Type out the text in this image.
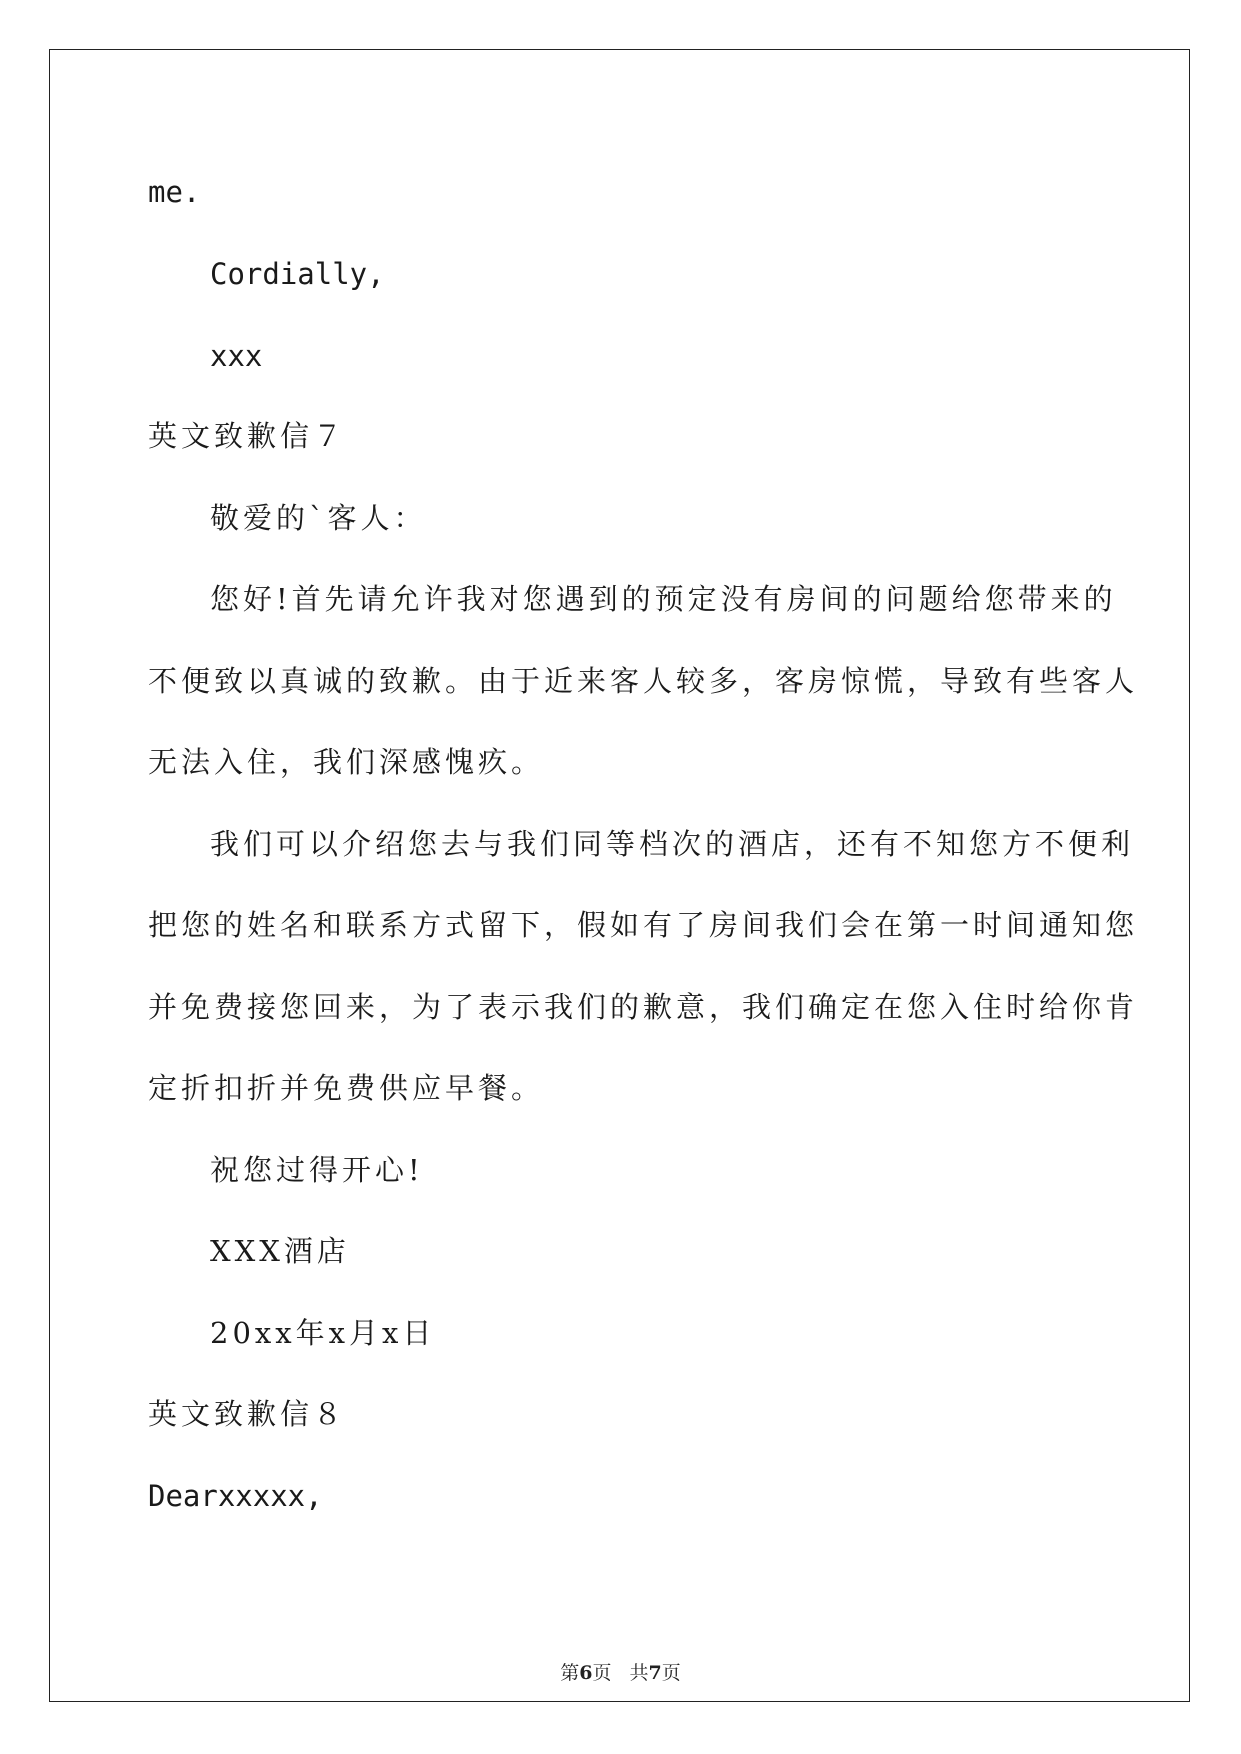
me.
Cordially,
xxx
英文致歉信７
敬爱的`客人：
您好!首先请允许我对您遇到的预定没有房间的问题给您带来的
不便致以真诚的致歉。由于近来客人较多，客房惊慌，导致有些客人
无法入住，我们深感愧疚。
我们可以介绍您去与我们同等档次的酒店，还有不知您方不便利
把您的姓名和联系方式留下，假如有了房间我们会在第一时间通知您
并免费接您回来，为了表示我们的歉意，我们确定在您入住时给你肯
定折扣折并免费供应早餐。
祝您过得开心!
XXX酒店
20xx年x月x日
英文致歉信８
Dearxxxxx,
第6页 共7页
